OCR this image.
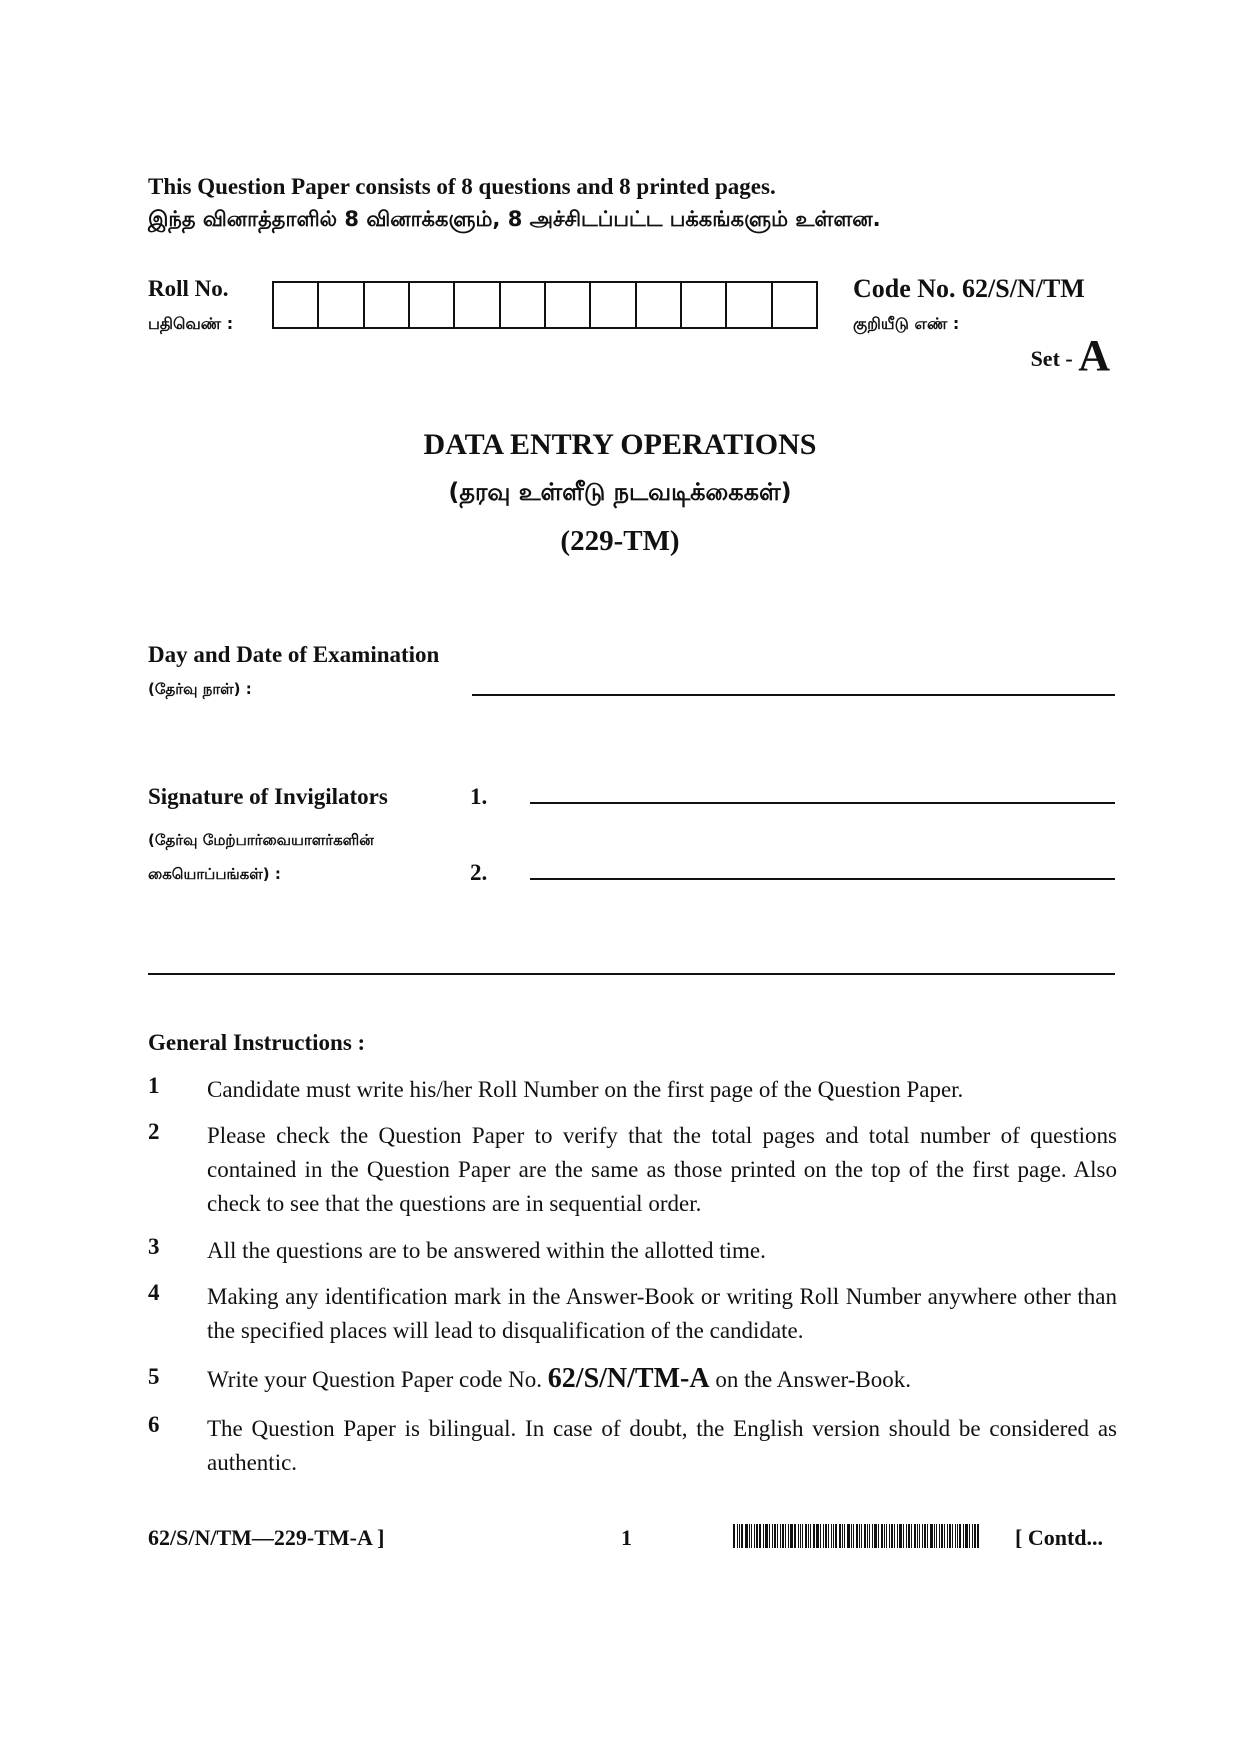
This Question Paper consists of 8 questions and 8 printed pages.
இந்த வினாத்தாளில் 8 வினாக்களும், 8 அச்சிடப்பட்ட பக்கங்களும் உள்ளன.
Roll No.
பதிவெண் :
Code No. 62/S/N/TM
குறியீடு எண் :
Set - A
DATA ENTRY OPERATIONS
(தரவு உள்ளீடு நடவடிக்கைகள்)
(229-TM)
Day and Date of Examination
(தேர்வு நாள்) :
Signature of Invigilators	1.
(தேர்வு மேற்பார்வையாளர்களின்
கையொப்பங்கள்) :	2.
General Instructions :
1 Candidate must write his/her Roll Number on the first page of the Question Paper.
2 Please check the Question Paper to verify that the total pages and total number of questions contained in the Question Paper are the same as those printed on the top of the first page. Also check to see that the questions are in sequential order.
3 All the questions are to be answered within the allotted time.
4 Making any identification mark in the Answer-Book or writing Roll Number anywhere other than the specified places will lead to disqualification of the candidate.
5 Write your Question Paper code No. 62/S/N/TM-A on the Answer-Book.
6 The Question Paper is bilingual. In case of doubt, the English version should be considered as authentic.
62/S/N/TM—229-TM-A ]	1	[ Contd...
